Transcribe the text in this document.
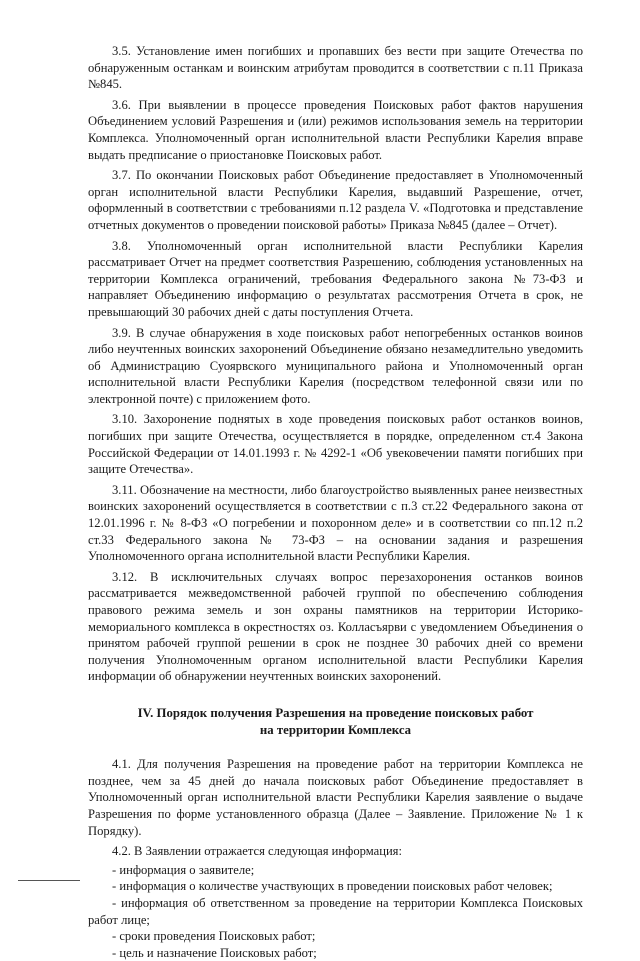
3.5. Установление имен погибших и пропавших без вести при защите Отечества по обнаруженным останкам и воинским атрибутам проводится в соответствии с п.11 Приказа №845.

3.6. При выявлении в процессе проведения Поисковых работ фактов нарушения Объединением условий Разрешения и (или) режимов использования земель на территории Комплекса. Уполномоченный орган исполнительной власти Республики Карелия вправе выдать предписание о приостановке Поисковых работ.

3.7. По окончании Поисковых работ Объединение предоставляет в Уполномоченный орган исполнительной власти Республики Карелия, выдавший Разрешение, отчет, оформленный в соответствии с требованиями п.12 раздела V. «Подготовка и представление отчетных документов о проведении поисковой работы» Приказа №845 (далее – Отчет).

3.8. Уполномоченный орган исполнительной власти Республики Карелия рассматривает Отчет на предмет соответствия Разрешению, соблюдения установленных на территории Комплекса ограничений, требования Федерального закона №73-ФЗ и направляет Объединению информацию о результатах рассмотрения Отчета в срок, не превышающий 30 рабочих дней с даты поступления Отчета.

3.9. В случае обнаружения в ходе поисковых работ непогребенных останков воинов либо неучтенных воинских захоронений Объединение обязано незамедлительно уведомить об Администрацию Суоярвского муниципального района и Уполномоченный орган исполнительной власти Республики Карелия (посредством телефонной связи или по электронной почте) с приложением фото.

3.10. Захоронение поднятых в ходе проведения поисковых работ останков воинов, погибших при защите Отечества, осуществляется в порядке, определенном ст.4 Закона Российской Федерации от 14.01.1993 г. № 4292-1 «Об увековечении памяти погибших при защите Отечества».

3.11. Обозначение на местности, либо благоустройство выявленных ранее неизвестных воинских захоронений осуществляется в соответствии с п.3 ст.22 Федерального закона от 12.01.1996 г. № 8-ФЗ «О погребении и похоронном деле» и в соответствии со пп.12 п.2 ст.33 Федерального закона № 73-ФЗ – на основании задания и разрешения Уполномоченного органа исполнительной власти Республики Карелия.

3.12. В исключительных случаях вопрос перезахоронения останков воинов рассматривается межведомственной рабочей группой по обеспечению соблюдения правового режима земель и зон охраны памятников на территории Историко-мемориального комплекса в окрестностях оз. Колласъярви с уведомлением Объединения о принятом рабочей группой решении в срок не позднее 30 рабочих дней со времени получения Уполномоченным органом исполнительной власти Республики Карелия информации об обнаружении неучтенных воинских захоронений.

IV. Порядок получения Разрешения на проведение поисковых работ
на территории Комплекса

4.1. Для получения Разрешения на проведение работ на территории Комплекса не позднее, чем за 45 дней до начала поисковых работ Объединение предоставляет в Уполномоченный орган исполнительной власти Республики Карелия заявление о выдаче Разрешения по форме установленного образца (Далее – Заявление. Приложение № 1 к Порядку).

4.2. В Заявлении отражается следующая информация:

- информация о заявителе;
- информация о количестве участвующих в проведении поисковых работ человек;
- информация об ответственном за проведение на территории Комплекса Поисковых работ лице;
- сроки проведения Поисковых работ;
- цель и назначение Поисковых работ;
